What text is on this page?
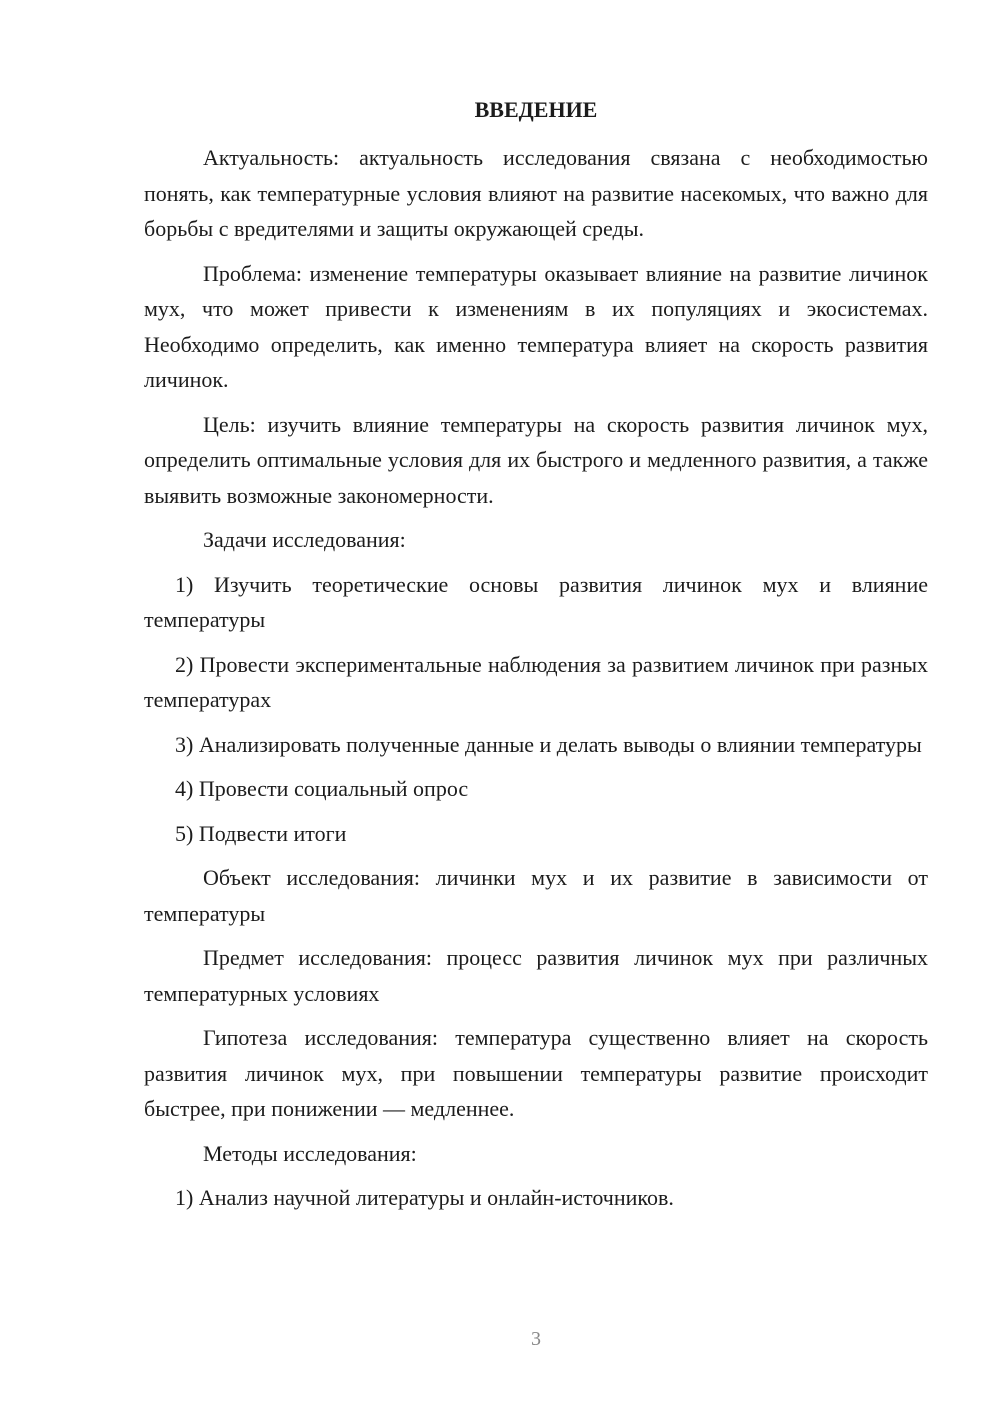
ВВЕДЕНИЕ

Актуальность: актуальность исследования связана с необходимостью понять, как температурные условия влияют на развитие насекомых, что важно для борьбы с вредителями и защиты окружающей среды.

Проблема: изменение температуры оказывает влияние на развитие личинок мух, что может привести к изменениям в их популяциях и экосистемах. Необходимо определить, как именно температура влияет на скорость развития личинок.

Цель: изучить влияние температуры на скорость развития личинок мух, определить оптимальные условия для их быстрого и медленного развития, а также выявить возможные закономерности.

Задачи исследования:

1) Изучить теоретические основы развития личинок мух и влияние температуры

2) Провести экспериментальные наблюдения за развитием личинок при разных температурах

3) Анализировать полученные данные и делать выводы о влиянии температуры

4) Провести социальный опрос

5) Подвести итоги

Объект исследования: личинки мух и их развитие в зависимости от температуры

Предмет исследования: процесс развития личинок мух при различных температурных условиях

Гипотеза исследования: температура существенно влияет на скорость развития личинок мух, при повышении температуры развитие происходит быстрее, при понижении — медленнее.

Методы исследования:

1) Анализ научной литературы и онлайн-источников.

3
